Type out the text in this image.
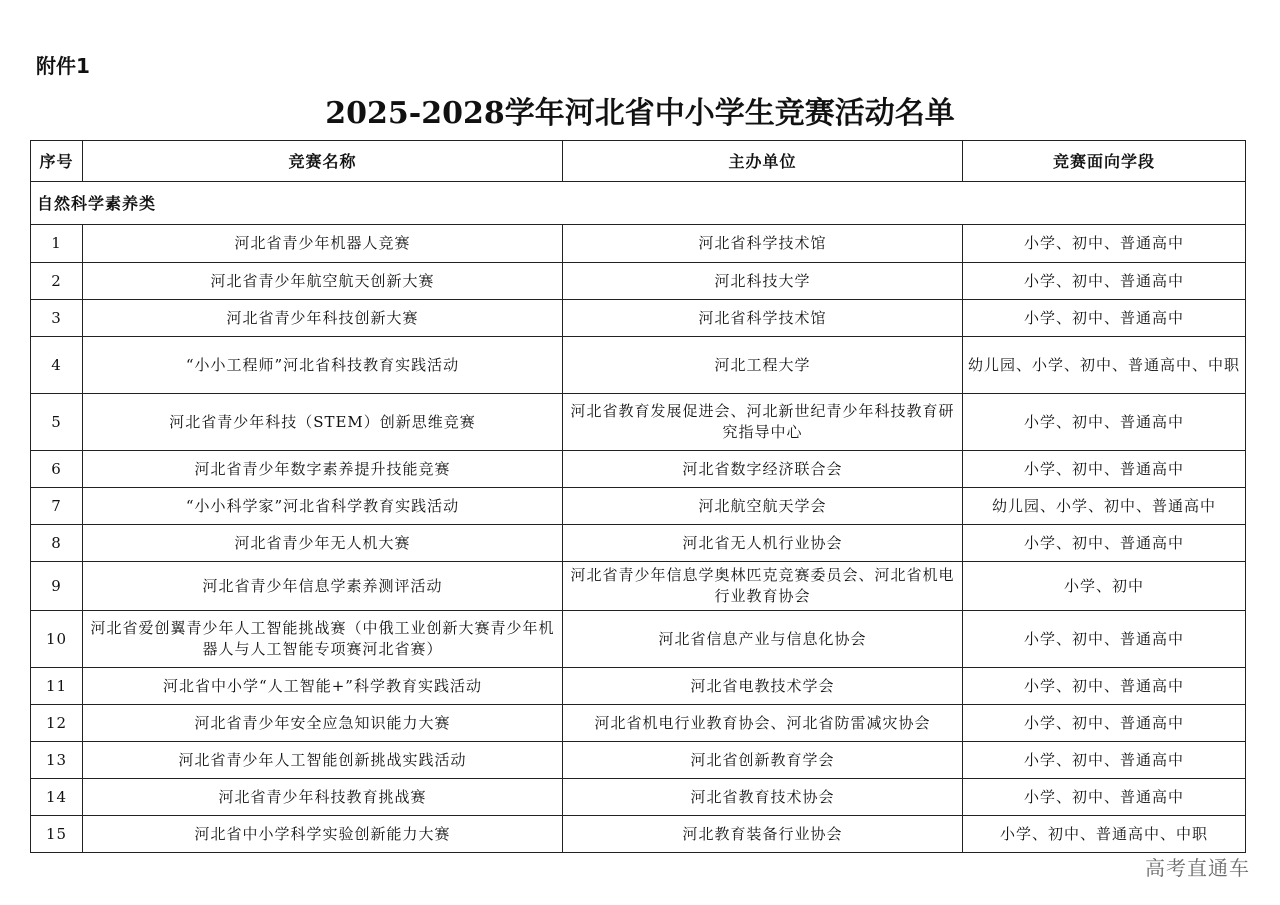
附件1
2025-2028学年河北省中小学生竞赛活动名单
序号	竞赛名称	主办单位	竞赛面向学段
自然科学素养类			
1	河北省青少年机器人竞赛	河北省科学技术馆	小学、初中、普通高中
2	河北省青少年航空航天创新大赛	河北科技大学	小学、初中、普通高中
3	河北省青少年科技创新大赛	河北省科学技术馆	小学、初中、普通高中
4	“小小工程师”河北省科技教育实践活动	河北工程大学	幼儿园、小学、初中、普通高中、中职
5	河北省青少年科技（STEM）创新思维竞赛	河北省教育发展促进会、河北新世纪青少年科技教育研究指导中心	小学、初中、普通高中
6	河北省青少年数字素养提升技能竞赛	河北省数字经济联合会	小学、初中、普通高中
7	“小小科学家”河北省科学教育实践活动	河北航空航天学会	幼儿园、小学、初中、普通高中
8	河北省青少年无人机大赛	河北省无人机行业协会	小学、初中、普通高中
9	河北省青少年信息学素养测评活动	河北省青少年信息学奥林匹克竞赛委员会、河北省机电行业教育协会	小学、初中
10	河北省爱创翼青少年人工智能挑战赛（中俄工业创新大赛青少年机器人与人工智能专项赛河北省赛）	河北省信息产业与信息化协会	小学、初中、普通高中
11	河北省中小学“人工智能+”科学教育实践活动	河北省电教技术学会	小学、初中、普通高中
12	河北省青少年安全应急知识能力大赛	河北省机电行业教育协会、河北省防雷减灾协会	小学、初中、普通高中
13	河北省青少年人工智能创新挑战实践活动	河北省创新教育学会	小学、初中、普通高中
14	河北省青少年科技教育挑战赛	河北省教育技术协会	小学、初中、普通高中
15	河北省中小学科学实验创新能力大赛	河北教育装备行业协会	小学、初中、普通高中、中职
高考直通车
